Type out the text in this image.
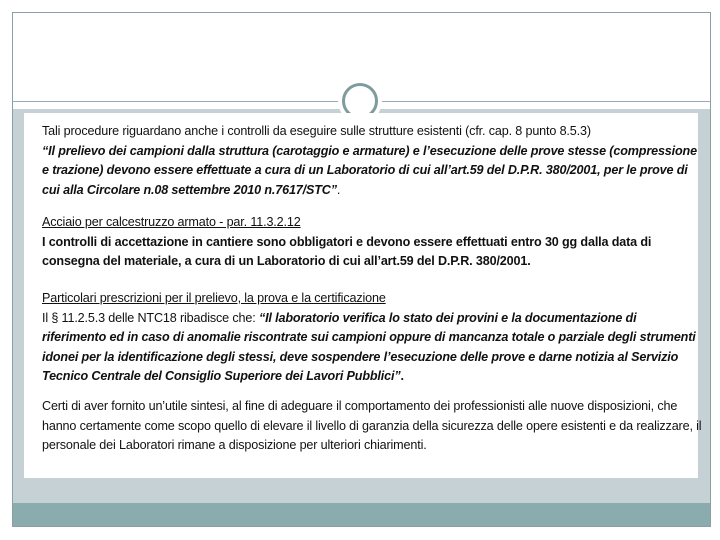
Tali procedure riguardano anche i controlli da eseguire sulle strutture esistenti (cfr. cap. 8 punto 8.5.3)
“Il prelievo dei campioni dalla struttura (carotaggio e armature) e l’esecuzione delle prove stesse (compressione e trazione) devono essere effettuate a cura di un Laboratorio di cui all’art.59 del D.P.R. 380/2001, per le prove di cui alla Circolare n.08 settembre 2010 n.7617/STC”.
Acciaio per calcestruzzo armato - par. 11.3.2.12
I controlli di accettazione in cantiere sono obbligatori e devono essere effettuati entro 30 gg dalla data di consegna del materiale, a cura di un Laboratorio di cui all’art.59 del D.P.R. 380/2001.
Particolari prescrizioni per il prelievo, la prova e la certificazione
Il § 11.2.5.3 delle NTC18 ribadisce che: “Il laboratorio verifica lo stato dei provini e la documentazione di riferimento ed in caso di anomalie riscontrate sui campioni oppure di mancanza totale o parziale degli strumenti idonei per la identificazione degli stessi, deve sospendere l’esecuzione delle prove e darne notizia al Servizio Tecnico Centrale del Consiglio Superiore dei Lavori Pubblici”.
Certi di aver fornito un’utile sintesi, al fine di adeguare il comportamento dei professionisti alle nuove disposizioni, che hanno certamente come scopo quello di elevare il livello di garanzia della sicurezza delle opere esistenti e da realizzare, il personale dei Laboratori rimane a disposizione per ulteriori chiarimenti.
